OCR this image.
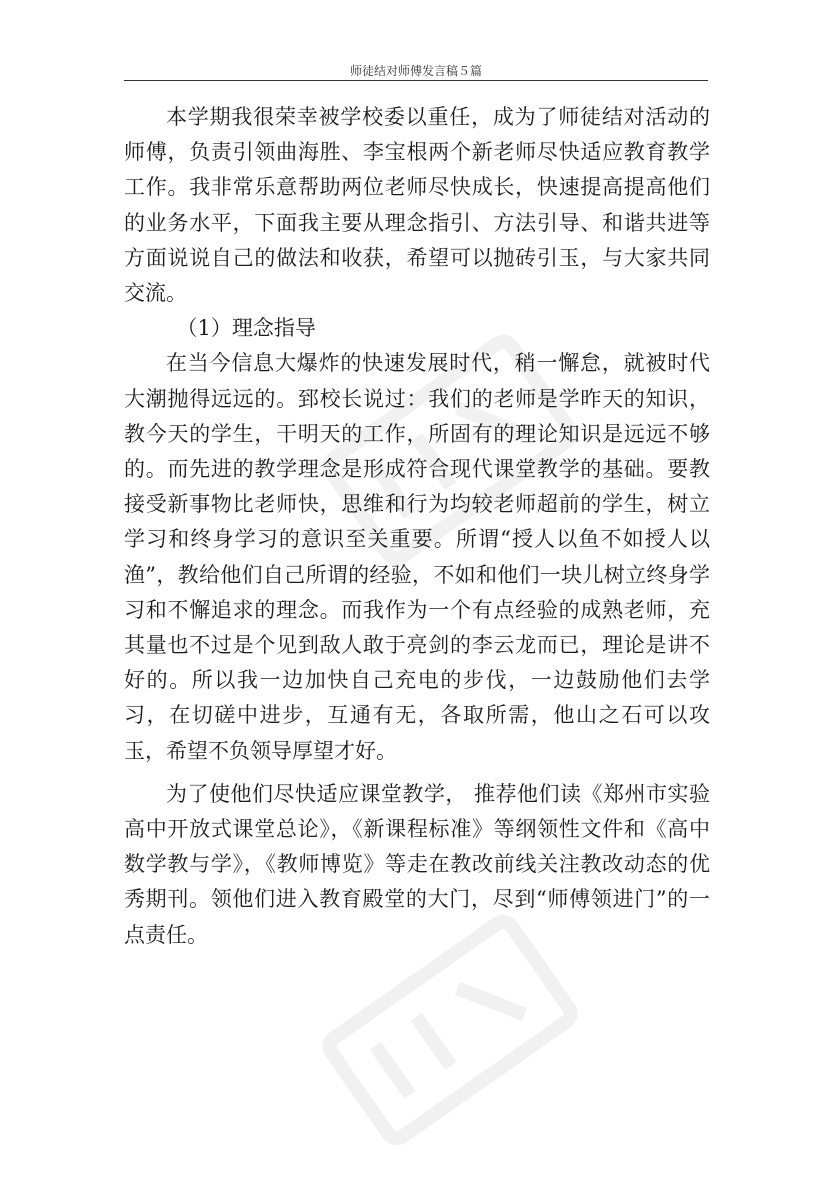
师徒结对师傅发言稿５篇

本学期我很荣幸被学校委以重任，成为了师徒结对活动的师傅，负责引领曲海胜、李宝根两个新老师尽快适应教育教学工作。我非常乐意帮助两位老师尽快成长，快速提高提高他们的业务水平，下面我主要从理念指引、方法引导、和谐共进等方面说说自己的做法和收获，希望可以抛砖引玉，与大家共同交流。

（1）理念指导

在当今信息大爆炸的快速发展时代，稍一懈怠，就被时代大潮抛得远远的。郅校长说过：我们的老师是学昨天的知识，教今天的学生，干明天的工作，所固有的理论知识是远远不够的。而先进的教学理念是形成符合现代课堂教学的基础。要教接受新事物比老师快，思维和行为均较老师超前的学生，树立学习和终身学习的意识至关重要。所谓“授人以鱼不如授人以渔”，教给他们自己所谓的经验，不如和他们一块儿树立终身学习和不懈追求的理念。而我作为一个有点经验的成熟老师，充其量也不过是个见到敌人敢于亮剑的李云龙而已，理论是讲不好的。所以我一边加快自己充电的步伐，一边鼓励他们去学习，在切磋中进步，互通有无，各取所需，他山之石可以攻玉，希望不负领导厚望才好。

为了使他们尽快适应课堂教学， 推荐他们读《郑州市实验高中开放式课堂总论》，《新课程标准》等纲领性文件和《高中数学教与学》，《教师博览》等走在教改前线关注教改动态的优秀期刊。领他们进入教育殿堂的大门，尽到“师傅领进门”的一点责任。
